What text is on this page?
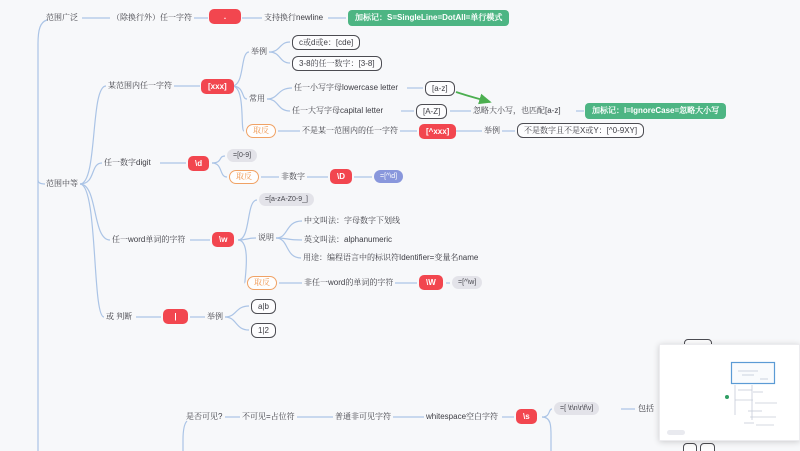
范围广泛	（除换行外）任一字符	.	支持换行newline	加标记：S=SingleLine=DotAll=单行模式
范围中等
某范围内任一字符	[xxx]
举例
c或d或e：[cde]
3-8的任一数字：[3-8]
常用
任一小写字母lowercase letter	[a-z]
任一大写字母capital letter	[A-Z]	忽略大小写，也匹配[a-z]	加标记：I=IgnoreCase=忽略大小写
取反	不是某一范围内的任一字符	[^xxx]	举例	不是数字且不是X或Y：[^0-9XY]
任一数字digit	\d
=[0-9]
取反	非数字	\D	=[^\d]
任一word单词的字符	\w
=[a-zA-Z0-9_]
说明
中文叫法：字母数字下划线
英文叫法：alphanumeric
用途：编程语言中的标识符Identifier=变量名name
取反	非任一word的单词的字符	\W	=[^\w]
或 判断	|	举例
a|b
1|2
是否可见? 不可见=占位符	普通非可见字符	whitespace空白字符	\s
=[ \t\n\r\f\v]	包括
